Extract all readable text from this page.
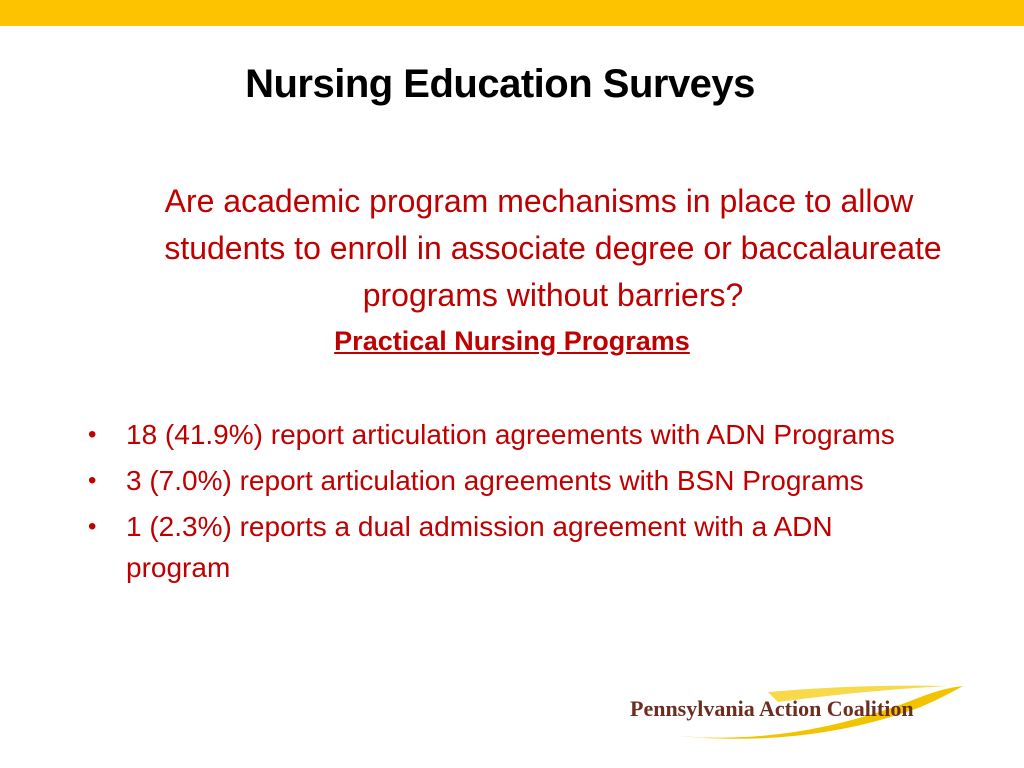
Nursing Education Surveys
Are academic program mechanisms in place to allow students to enroll in associate degree or baccalaureate programs without barriers?
Practical Nursing Programs
• 18 (41.9%) report articulation agreements with ADN Programs
• 3 (7.0%) report articulation agreements with BSN Programs
• 1 (2.3%) reports a dual admission agreement with a ADN program
Pennsylvania Action Coalition
